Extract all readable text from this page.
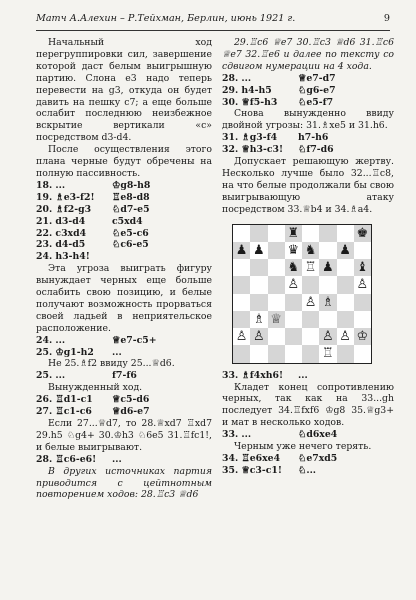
Матч А.Алехин – Р.Тейхман, Берлин, июнь 1921 г.	9

Начальный ход перегруппировки сил, завершение которой даст белым выигрышную партию. Слона е3 надо теперь перевести на g3, откуда он будет давить на пешку с7; а еще больше ослабит последнюю неизбежное вскрытие вертикали «с» посредством d3-d4.

После осуществления этого плана черные будут обречены на полную пассивность.

18. ...	♔g8-h8
19. ♗e3-f2!	♖e8-d8
20. ♗f2-g3	♘d7-e5
21. d3-d4	c5xd4
22. c3xd4	♘e5-c6
23. d4-d5	♘c6-e5
24. h3-h4!

Эта угроза выиграть фигуру вынуждает черных еще больше ослабить свою позицию, и белые получают возможность прорваться своей ладьей в неприятельское расположение.

24. ...	♕e7-c5+
25. ♔g1-h2	...

Не 25.♗f2 ввиду 25...♕d6.

25. ...	f7-f6

Вынужденный ход.

26. ♖d1-c1	♕c5-d6
27. ♖c1-c6	♕d6-e7

Если 27...♕d7, то 28.♕xd7 ♖xd7 29.h5 ♘g4+ 30.♔h3 ♘6e5 31.♖fc1!, и белые выигрывают.

28. ♖c6-e6!	...

В других источниках партия приводится с цейтнотным повторением ходов: 28.♖c3 ♕d6

29.♖c6 ♕e7 30.♖c3 ♕d6 31.♖c6 ♕e7 32.♖e6 и далее по тексту со сдвигом нумерации на 4 хода.

28. ...	♕e7-d7
29. h4-h5	♘g6-e7
30. ♕f5-h3	♘e5-f7

Снова вынужденно ввиду двойной угрозы: 31.♗xe5 и 31.h6.

31. ♗g3-f4	h7-h6
32. ♕h3-c3!	♘f7-d6

Допускает решающую жертву. Несколько лучше было 32...♖c8, на что белые продолжали бы свою выигрывающую атаку посредством 33.♕b4 и 34.♗a4.

♜	♚
♟ ♟ ♛ ♞ ♟
♞ ♖ ♟ ♝
♙	♙
♙ ♗
♗ ♕
♙ ♙	♙ ♙ ♔
♖
33. ♗f4xh6!	...

Кладет конец сопротивлению черных, так как на 33...gh последует 34.♖fxf6 ♔g8 35.♕g3+ и мат в несколько ходов.

33. ...	♘d6xe4

Черным уже нечего терять.

34. ♖e6xe4	♘e7xd5
35. ♕c3-c1!	♘...
